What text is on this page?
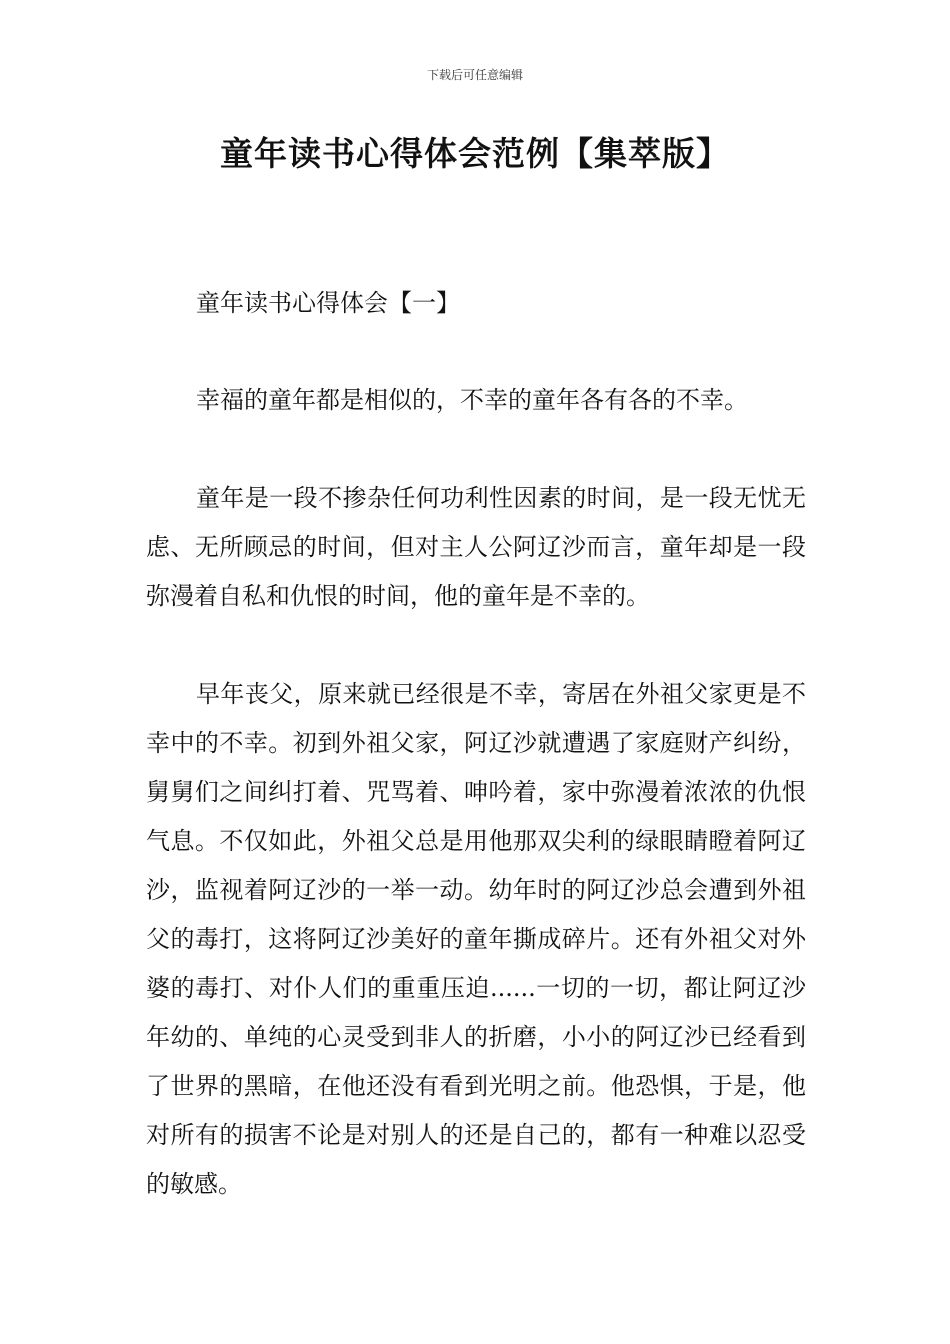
下载后可任意编辑
童年读书心得体会范例【集萃版】

童年读书心得体会【一】

幸福的童年都是相似的，不幸的童年各有各的不幸。

童年是一段不掺杂任何功利性因素的时间，是一段无忧无虑、无所顾忌的时间，但对主人公阿辽沙而言，童年却是一段弥漫着自私和仇恨的时间，他的童年是不幸的。

早年丧父，原来就已经很是不幸，寄居在外祖父家更是不幸中的不幸。初到外祖父家，阿辽沙就遭遇了家庭财产纠纷，舅舅们之间纠打着、咒骂着、呻吟着，家中弥漫着浓浓的仇恨气息。不仅如此，外祖父总是用他那双尖利的绿眼睛瞪着阿辽沙，监视着阿辽沙的一举一动。幼年时的阿辽沙总会遭到外祖父的毒打，这将阿辽沙美好的童年撕成碎片。还有外祖父对外婆的毒打、对仆人们的重重压迫......一切的一切，都让阿辽沙年幼的、单纯的心灵受到非人的折磨，小小的阿辽沙已经看到了世界的黑暗，在他还没有看到光明之前。他恐惧，于是，他对所有的损害不论是对别人的还是自己的，都有一种难以忍受的敏感。
